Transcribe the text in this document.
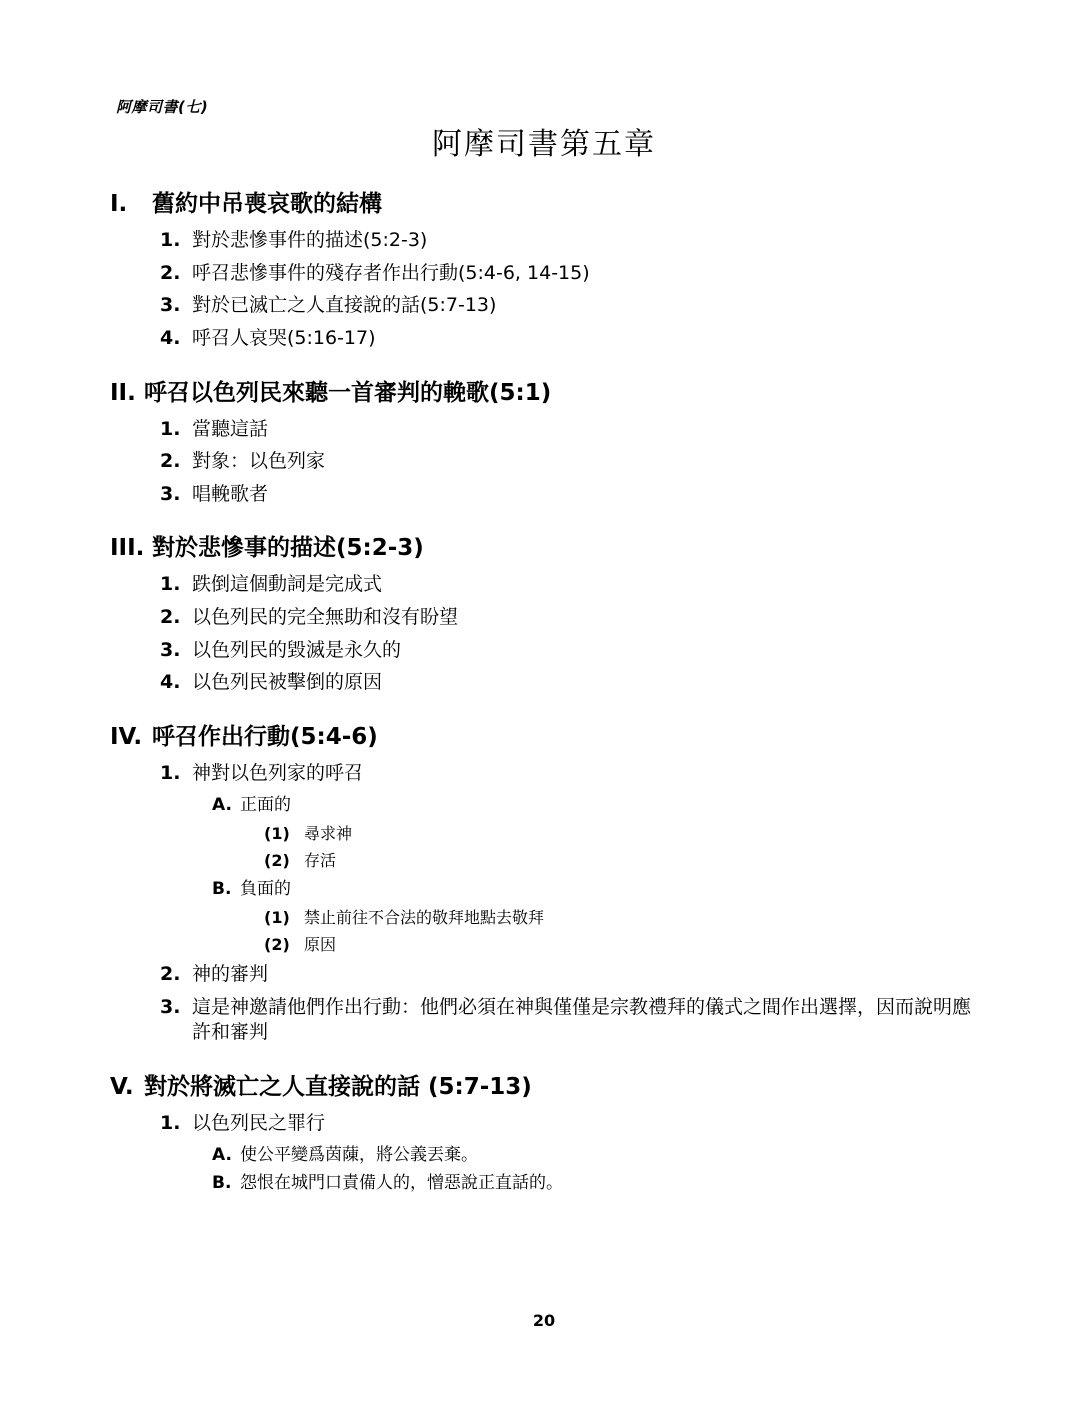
阿摩司書(七)
阿摩司書第五章
I.	舊約中吊喪哀歌的結構
1. 對於悲慘事件的描述(5:2-3)
2. 呼召悲慘事件的殘存者作出行動(5:4-6, 14-15)
3. 對於已滅亡之人直接說的話(5:7-13)
4. 呼召人哀哭(5:16-17)
II. 呼召以色列民來聽一首審判的輓歌(5:1)
1. 當聽這話
2. 對象：以色列家
3. 唱輓歌者
III. 對於悲慘事的描述(5:2-3)
1. 跌倒這個動詞是完成式
2. 以色列民的完全無助和沒有盼望
3. 以色列民的毀滅是永久的
4. 以色列民被擊倒的原因
IV. 呼召作出行動(5:4-6)
1. 神對以色列家的呼召
A. 正面的
(1) 尋求神
(2) 存活
B. 負面的
(1) 禁止前往不合法的敬拜地點去敬拜
(2) 原因
2. 神的審判
3. 這是神邀請他們作出行動：他們必須在神與僅僅是宗教禮拜的儀式之間作出選擇，因而說明應許和審判
V. 對於將滅亡之人直接說的話 (5:7-13)
1. 以色列民之罪行
A. 使公平變爲茵蔯，將公義丟棄。
B. 怨恨在城門口責備人的，憎惡說正直話的。
20
